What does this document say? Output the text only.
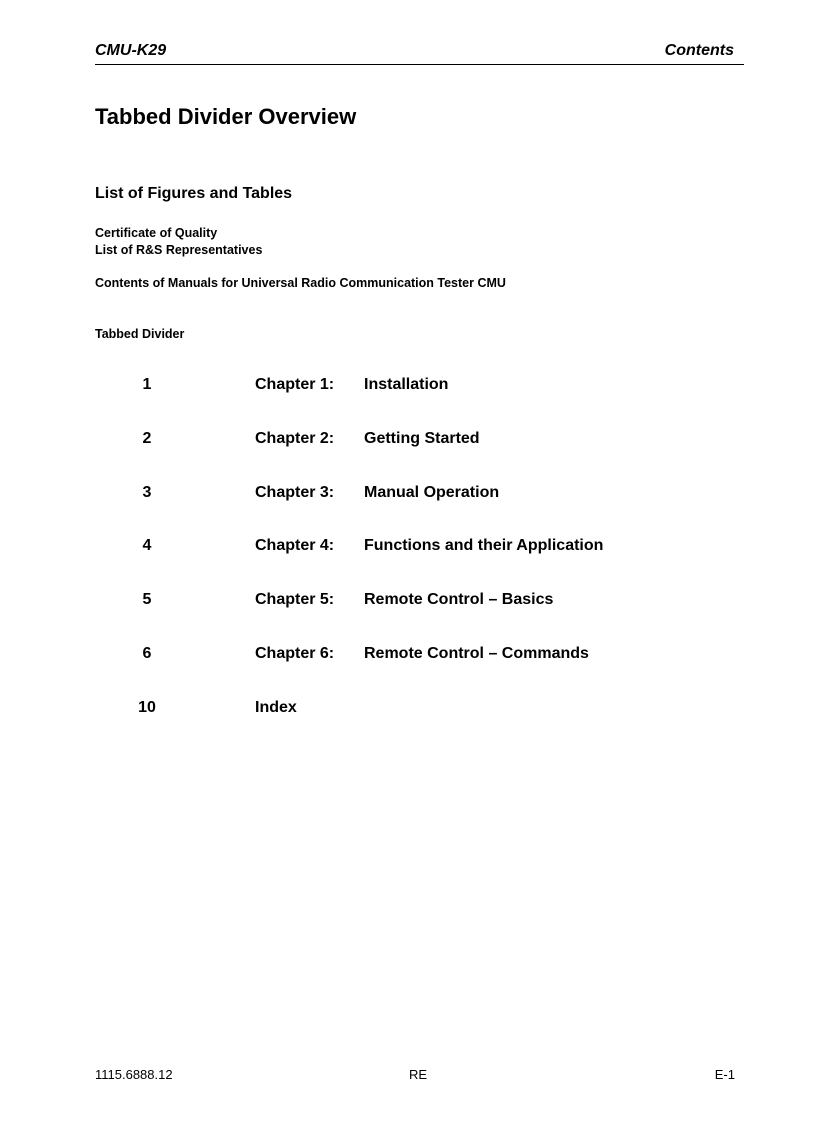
CMU-K29	Contents
Tabbed Divider Overview
List of Figures and Tables
Certificate of Quality
List of R&S Representatives
Contents of Manuals for Universal Radio Communication Tester CMU
Tabbed Divider
1	Chapter 1: Installation
2	Chapter 2: Getting Started
3	Chapter 3: Manual Operation
4	Chapter 4: Functions and their Application
5	Chapter 5: Remote Control – Basics
6	Chapter 6: Remote Control – Commands
10	Index
1115.6888.12	RE	E-1
